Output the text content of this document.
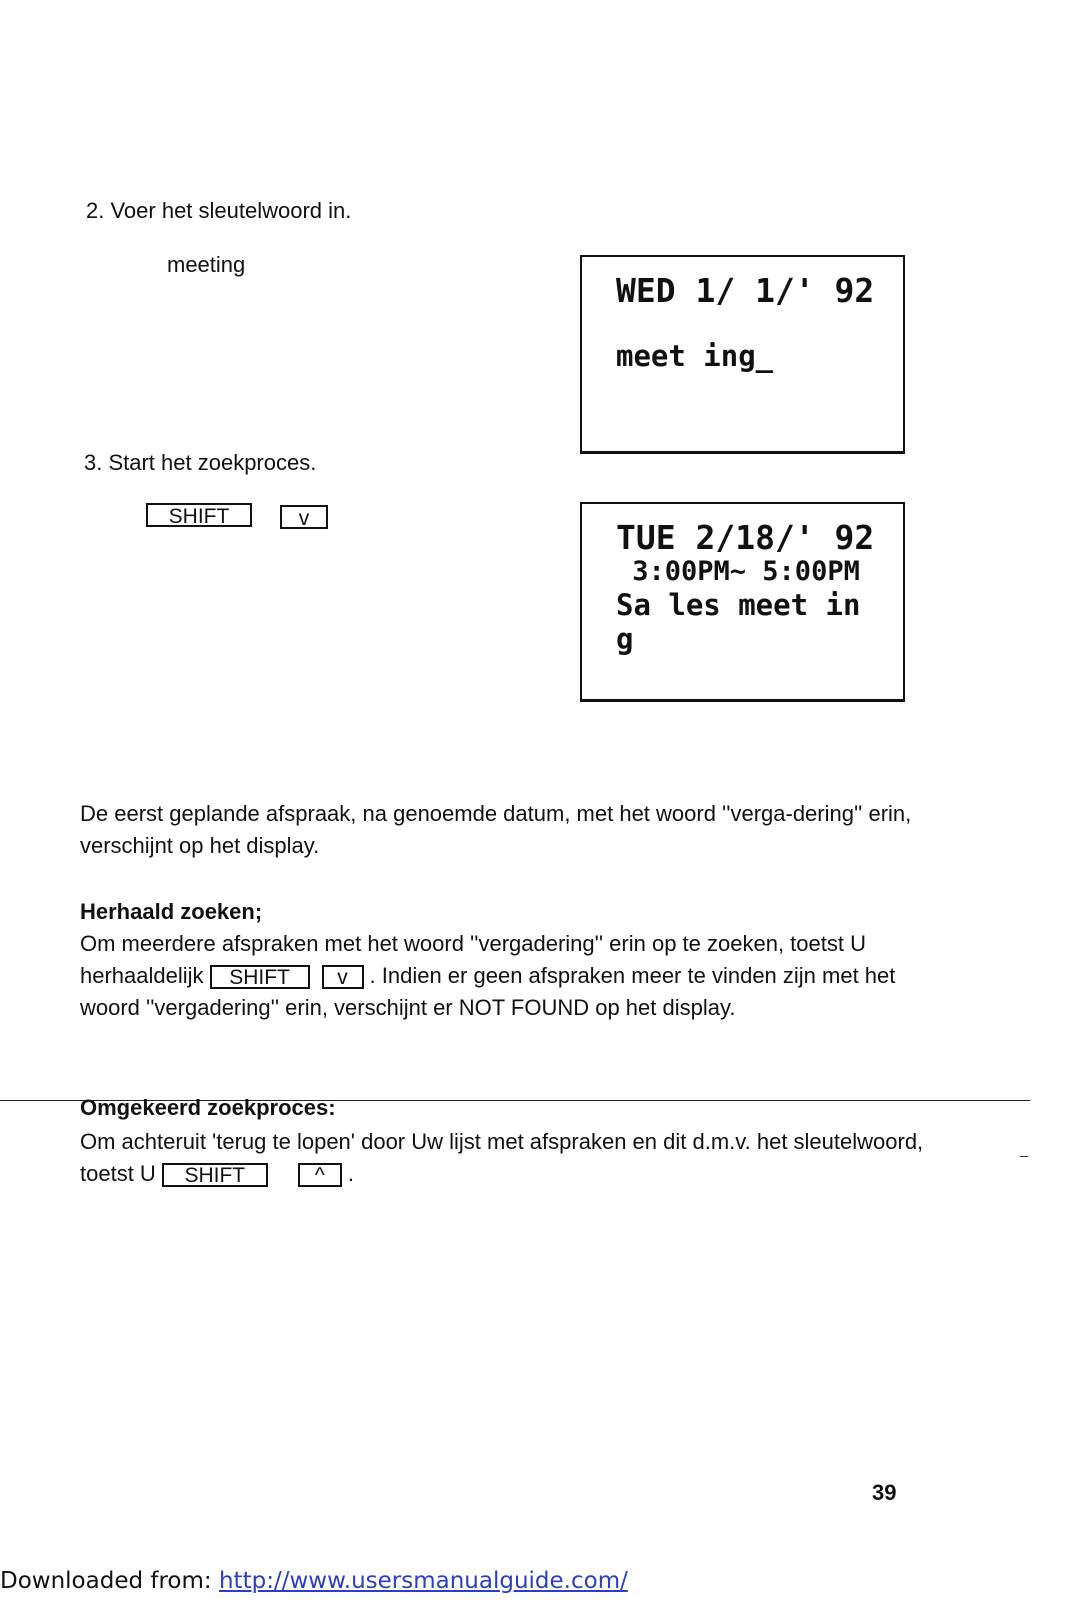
2. Voer het sleutelwoord in.
meeting
WED 1/ 1/' 92
meet ing_
3. Start het zoekproces.
SHIFT	v	TUE 2/18/' 92
3:00PM~ 5:00PM
Sa les meet in
g
De eerst geplande afspraak, na genoemde datum, met het woord ''verga-dering'' erin, verschijnt op het display.
Herhaald zoeken;
Om meerdere afspraken met het woord ''vergadering'' erin op te zoeken, toetst U herhaaldelijk SHIFT v . Indien er geen afspraken meer te vinden zijn met het woord ''vergadering'' erin, verschijnt er NOT FOUND op het display.
Omgekeerd zoekproces:
Om achteruit 'terug te lopen' door Uw lijst met afspraken en dit d.m.v. het sleutelwoord, toetst U SHIFT	^ .
39
Downloaded from: http://www.usersmanualguide.com/
